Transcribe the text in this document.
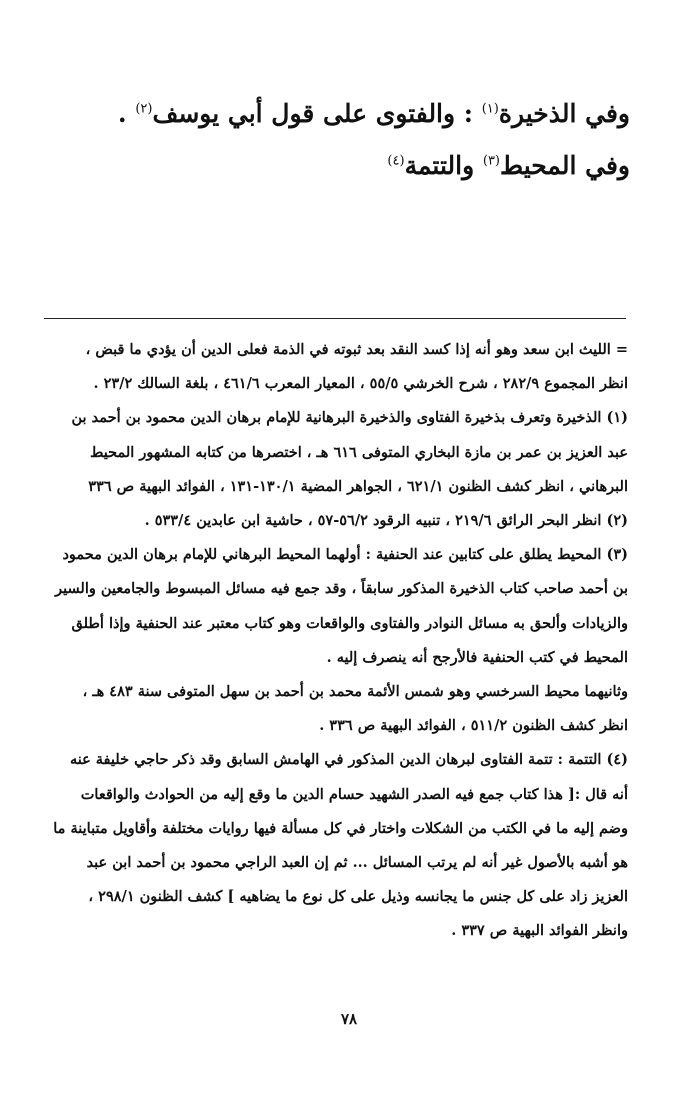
وفي الذخيرة$^{(١)}$ : والفتوى على قول أبي يوسف$^{(٢)}$ .
وفي المحيط$^{(٣)}$ والتتمة$^{(٤)}$

= الليث ابن سعد وهو أنه إذا كسد النقد بعد ثبوته في الذمة فعلى الدين أن يؤدي ما قبض ،
انظر المجموع ٢٨٢/٩ ، شرح الخرشي ٥٥/٥ ، المعيار المعرب ٤٦١/٦ ، بلغة السالك ٢٣/٢ .

(١) الذخيرة وتعرف بذخيرة الفتاوى والذخيرة البرهانية للإمام برهان الدين محمود بن أحمد بن
عبد العزيز بن عمر بن مازة البخاري المتوفى ٦١٦ هـ ، اختصرها من كتابه المشهور المحيط
البرهاني ، انظر كشف الظنون ٦٢١/١ ، الجواهر المضية ١٣٠/١-١٣١ ، الفوائد البهية ص ٣٣٦

(٢) انظر البحر الرائق ٢١٩/٦ ، تنبيه الرقود ٥٦/٢-٥٧ ، حاشية ابن عابدين ٥٣٣/٤ .

(٣) المحيط يطلق على كتابين عند الحنفية : أولهما المحيط البرهاني للإمام برهان الدين محمود
بن أحمد صاحب كتاب الذخيرة المذكور سابقاً ، وقد جمع فيه مسائل المبسوط والجامعين والسير
والزيادات وألحق به مسائل النوادر والفتاوى والواقعات وهو كتاب معتبر عند الحنفية وإذا أطلق
المحيط في كتب الحنفية فالأرجح أنه ينصرف إليه .
وثانيهما محيط السرخسي وهو شمس الأئمة محمد بن أحمد بن سهل المتوفى سنة ٤٨٣ هـ ،
انظر كشف الظنون ٥١١/٢ ، الفوائد البهية ص ٣٣٦ .

(٤) التتمة : تتمة الفتاوى لبرهان الدين المذكور في الهامش السابق وقد ذكر حاجي خليفة عنه
أنه قال :[ هذا كتاب جمع فيه الصدر الشهيد حسام الدين ما وقع إليه من الحوادث والواقعات
وضم إليه ما في الكتب من الشكلات واختار في كل مسألة فيها روايات مختلفة وأقاويل متباينة ما
هو أشبه بالأصول غير أنه لم يرتب المسائل ... ثم إن العبد الراجي محمود بن أحمد ابن عبد
العزيز زاد على كل جنس ما يجانسه وذيل على كل نوع ما يضاهيه ] كشف الظنون ٢٩٨/١ ،
وانظر الفوائد البهية ص ٣٣٧ .

٧٨
